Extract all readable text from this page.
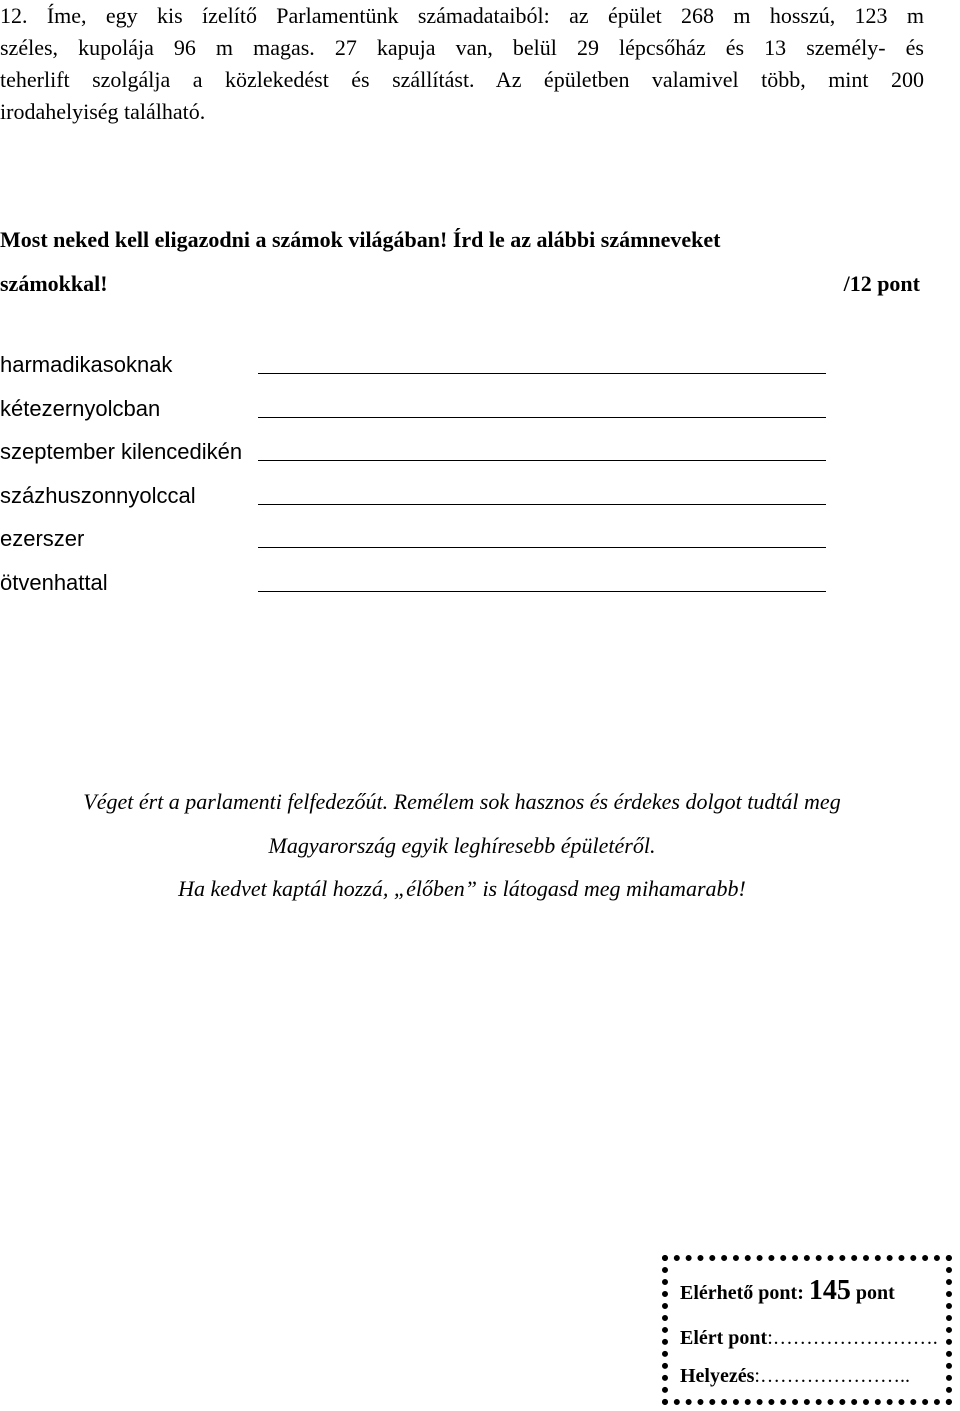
12. Íme, egy kis ízelítő Parlamentünk számadataiból: az épület 268 m hosszú, 123 m
széles, kupolája 96 m magas. 27 kapuja van, belül 29 lépcsőház és 13 személy- és
teherlift szolgálja a közlekedést és szállítást. Az épületben valamivel több, mint 200
irodahelyiség található.
Most neked kell eligazodni a számok világában! Írd le az alábbi számneveket
számokkal!	/12 pont
harmadikasoknak
kétezernyolcban
szeptember kilencedikén
százhuszonnyolccal
ezerszer
ötvenhattal
Véget ért a parlamenti felfedezőút. Remélem sok hasznos és érdekes dolgot tudtál meg
Magyarország egyik leghíresebb épületéről.
Ha kedvet kaptál hozzá, „élőben” is látogasd meg mihamarabb!
Elérhető pont: 145 pont
Elért pont:…………………….
Helyezés:…………………..
